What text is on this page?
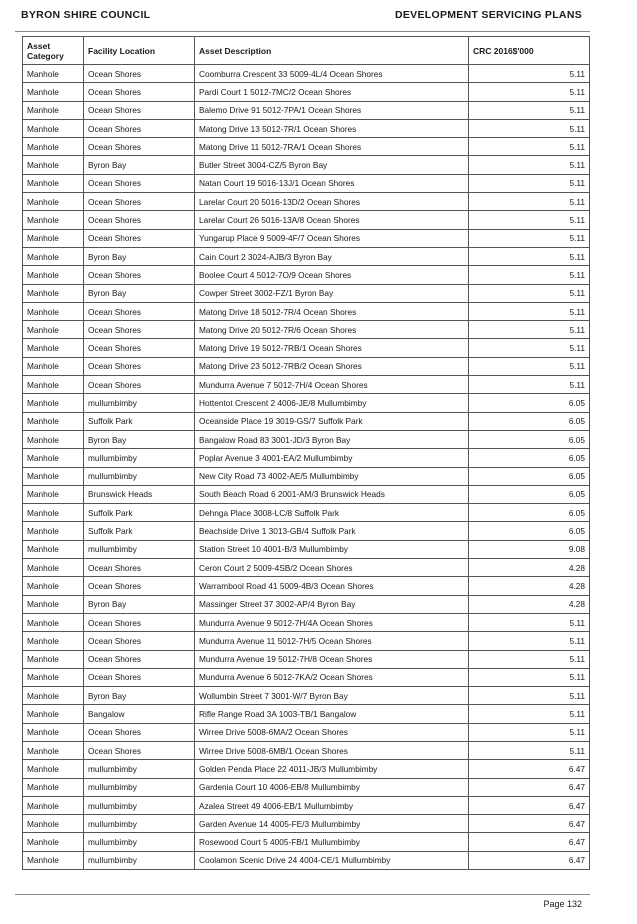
BYRON SHIRE COUNCIL	DEVELOPMENT SERVICING PLANS
Asset Category	Facility Location	Asset Description	CRC 2016$'000
Manhole	Ocean Shores	Coomburra Crescent 33 5009-4L/4 Ocean Shores	5.11
Manhole	Ocean Shores	Pardi Court 1 5012-7MC/2 Ocean Shores	5.11
Manhole	Ocean Shores	Balemo Drive 91 5012-7PA/1 Ocean Shores	5.11
Manhole	Ocean Shores	Matong Drive 13 5012-7R/1 Ocean Shores	5.11
Manhole	Ocean Shores	Matong Drive 11 5012-7RA/1 Ocean Shores	5.11
Manhole	Byron Bay	Butler Street 3004-CZ/5 Byron Bay	5.11
Manhole	Ocean Shores	Natan Court 19 5016-13J/1 Ocean Shores	5.11
Manhole	Ocean Shores	Larelar Court 20 5016-13D/2 Ocean Shores	5.11
Manhole	Ocean Shores	Larelar Court 26 5016-13A/8 Ocean Shores	5.11
Manhole	Ocean Shores	Yungarup Place 9 5009-4F/7 Ocean Shores	5.11
Manhole	Byron Bay	Cain Court 2 3024-AJB/3 Byron Bay	5.11
Manhole	Ocean Shores	Boolee Court 4 5012-7O/9 Ocean Shores	5.11
Manhole	Byron Bay	Cowper Street 3002-FZ/1 Byron Bay	5.11
Manhole	Ocean Shores	Matong Drive 18 5012-7R/4 Ocean Shores	5.11
Manhole	Ocean Shores	Matong Drive 20 5012-7R/6 Ocean Shores	5.11
Manhole	Ocean Shores	Matong Drive 19 5012-7RB/1 Ocean Shores	5.11
Manhole	Ocean Shores	Matong Drive 23 5012-7RB/2 Ocean Shores	5.11
Manhole	Ocean Shores	Mundurra Avenue 7 5012-7H/4 Ocean Shores	5.11
Manhole	mullumbimby	Hottentot Crescent 2 4006-JE/8 Mullumbimby	6.05
Manhole	Suffolk Park	Oceanside Place 19 3019-GS/7 Suffolk Park	6.05
Manhole	Byron Bay	Bangalow Road 83 3001-JD/3 Byron Bay	6.05
Manhole	mullumbimby	Poplar Avenue 3 4001-EA/2 Mullumbimby	6.05
Manhole	mullumbimby	New City Road 73 4002-AE/5 Mullumbimby	6.05
Manhole	Brunswick Heads	South Beach Road 6 2001-AM/3 Brunswick Heads	6.05
Manhole	Suffolk Park	Dehnga Place 3008-LC/8 Suffolk Park	6.05
Manhole	Suffolk Park	Beachside Drive 1 3013-GB/4 Suffolk Park	6.05
Manhole	mullumbimby	Station Street 10 4001-B/3 Mullumbimby	9.08
Manhole	Ocean Shores	Ceron Court 2 5009-4SB/2 Ocean Shores	4.28
Manhole	Ocean Shores	Warrambool Road 41 5009-4B/3 Ocean Shores	4.28
Manhole	Byron Bay	Massinger Street 37 3002-AP/4 Byron Bay	4.28
Manhole	Ocean Shores	Mundurra Avenue 9 5012-7H/4A Ocean Shores	5.11
Manhole	Ocean Shores	Mundurra Avenue 11 5012-7H/5 Ocean Shores	5.11
Manhole	Ocean Shores	Mundurra Avenue 19 5012-7H/8 Ocean Shores	5.11
Manhole	Ocean Shores	Mundurra Avenue 6 5012-7KA/2 Ocean Shores	5.11
Manhole	Byron Bay	Wollumbin Street 7 3001-W/7 Byron Bay	5.11
Manhole	Bangalow	Rifle Range Road 3A 1003-TB/1 Bangalow	5.11
Manhole	Ocean Shores	Wirree Drive 5008-6MA/2 Ocean Shores	5.11
Manhole	Ocean Shores	Wirree Drive 5008-6MB/1 Ocean Shores	5.11
Manhole	mullumbimby	Golden Penda Place 22 4011-JB/3 Mullumbimby	6.47
Manhole	mullumbimby	Gardenia Court 10 4006-EB/8 Mullumbimby	6.47
Manhole	mullumbimby	Azalea Street 49 4006-EB/1 Mullumbimby	6.47
Manhole	mullumbimby	Garden Avenue 14 4005-FE/3 Mullumbimby	6.47
Manhole	mullumbimby	Rosewood Court 5 4005-FB/1 Mullumbimby	6.47
Manhole	mullumbimby	Coolamon Scenic Drive 24 4004-CE/1 Mullumbimby	6.47
Page 132
